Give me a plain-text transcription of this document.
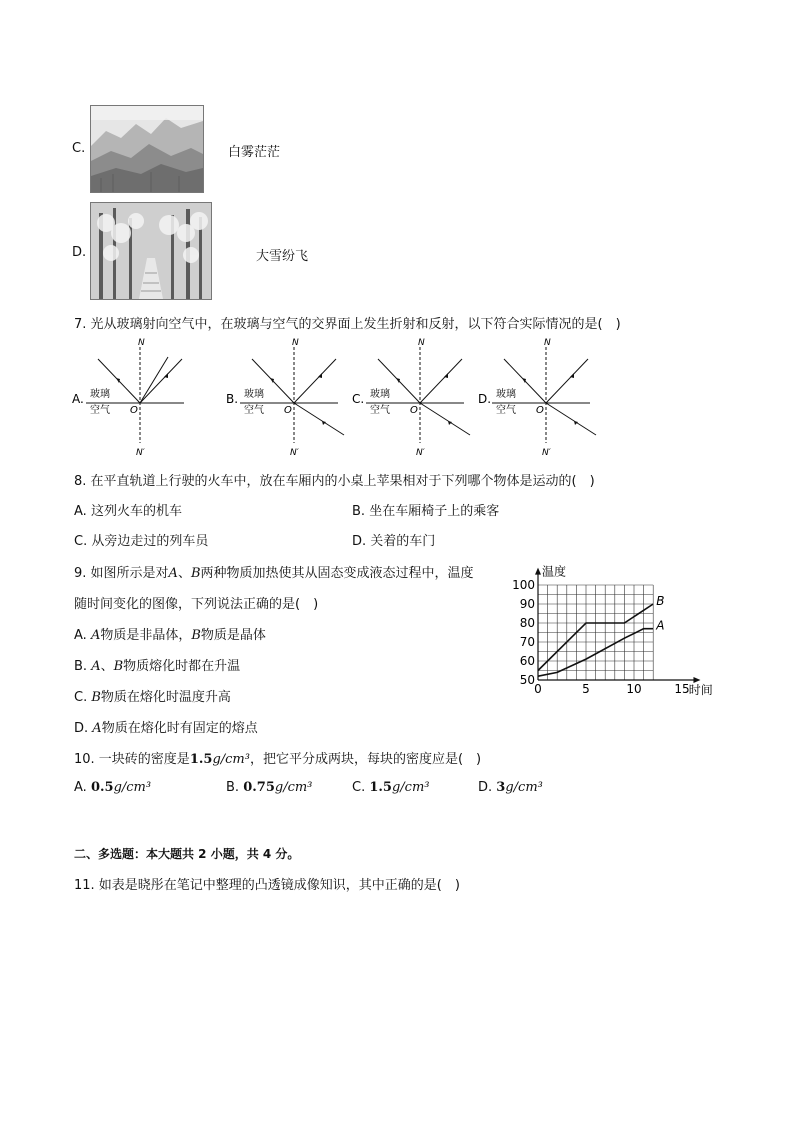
C.	白雾茫茫
D.	大雪纷飞
7. 光从玻璃射向空气中，在玻璃与空气的交界面上发生折射和反射，以下符合实际情况的是(　)
A.
N
N′
O
玻璃
空气
B.
N
N′
O
玻璃
空气
C.
N
N′
O
玻璃
空气
D.
N
N′
O
玻璃
空气
8. 在平直轨道上行驶的火车中，放在车厢内的小桌上苹果相对于下列哪个物体是运动的(　)
A. 这列火车的机车	B. 坐在车厢椅子上的乘客
C. 从旁边走过的列车员	D. 关着的车门
9. 如图所示是对A、B两种物质加热使其从固态变成液态过程中，温度
随时间变化的图像，下列说法正确的是(　)
A. A物质是非晶体，B物质是晶体
B. A、B物质熔化时都在升温
C. B物质在熔化时温度升高
D. A物质在熔化时有固定的熔点
温度
时间
50
60
70
80
90
100
0	5	10	15
B
A
10. 一块砖的密度是1.5g/cm³，把它平分成两块，每块的密度应是(　)
A. 0.5g/cm³	B. 0.75g/cm³	C. 1.5g/cm³	D. 3g/cm³
二、多选题：本大题共 2 小题，共 4 分。
11. 如表是晓彤在笔记中整理的凸透镜成像知识，其中正确的是(　)
